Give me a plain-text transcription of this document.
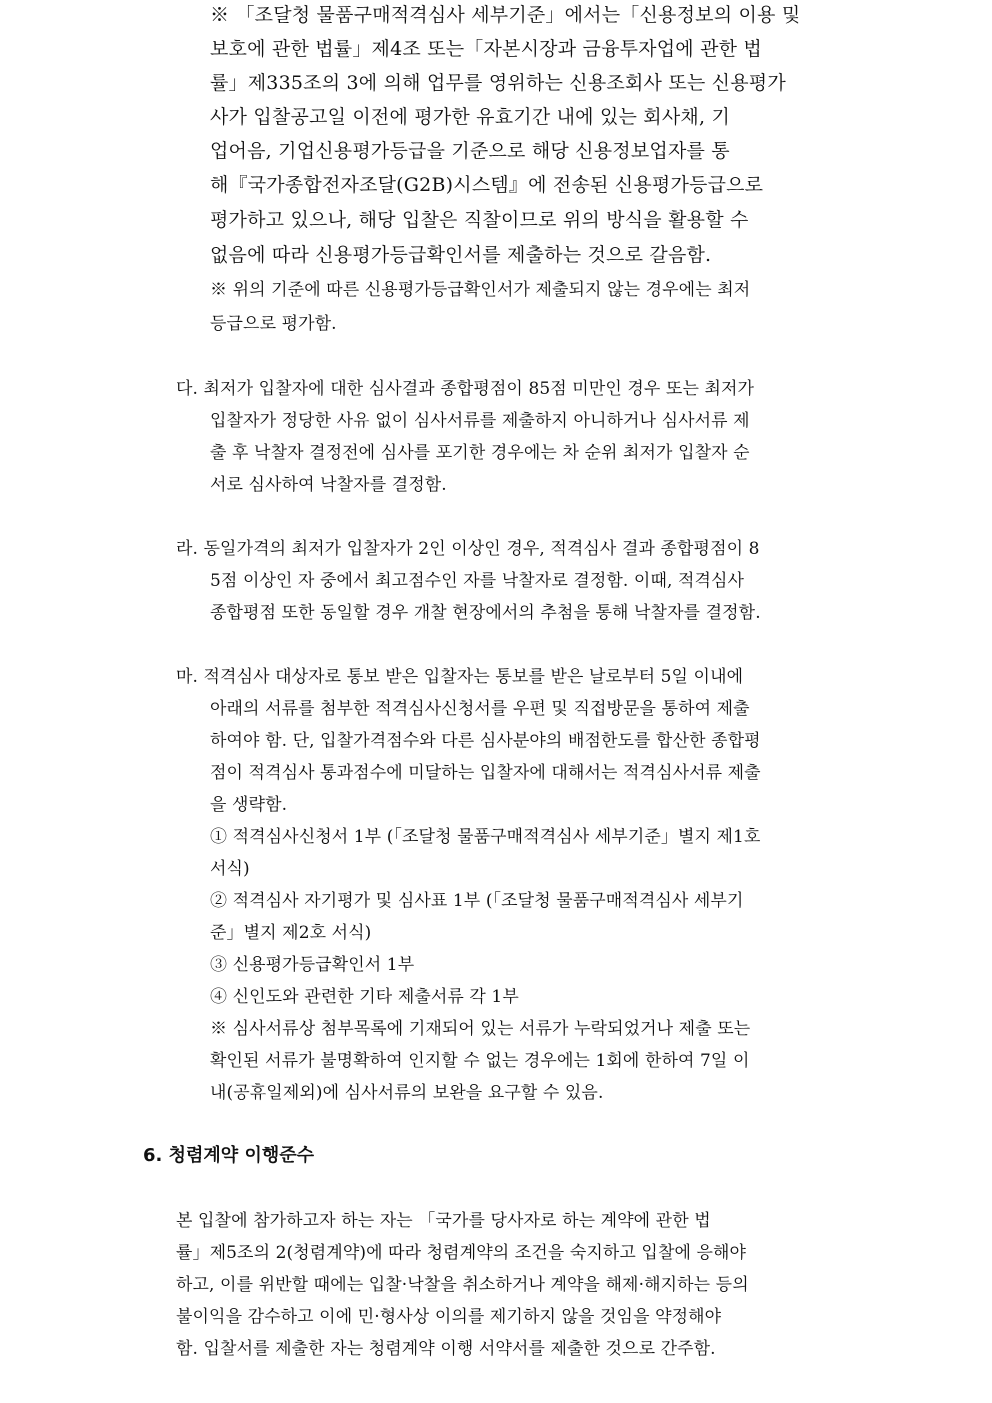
※ 「조달청 물품구매적격심사 세부기준」에서는「신용정보의 이용 및
보호에 관한 법률」제4조 또는「자본시장과 금융투자업에 관한 법
률」제335조의 3에 의해 업무를 영위하는 신용조회사 또는 신용평가
사가 입찰공고일 이전에 평가한 유효기간 내에 있는 회사채, 기
업어음, 기업신용평가등급을 기준으로 해당 신용정보업자를 통
해『국가종합전자조달(G2B)시스템』에 전송된 신용평가등급으로
평가하고 있으나, 해당 입찰은 직찰이므로 위의 방식을 활용할 수
없음에 따라 신용평가등급확인서를 제출하는 것으로 갈음함.
※ 위의 기준에 따른 신용평가등급확인서가 제출되지 않는 경우에는 최저
등급으로 평가함.
다. 최저가 입찰자에 대한 심사결과 종합평점이 85점 미만인 경우 또는 최저가
입찰자가 정당한 사유 없이 심사서류를 제출하지 아니하거나 심사서류 제
출 후 낙찰자 결정전에 심사를 포기한 경우에는 차 순위 최저가 입찰자 순
서로 심사하여 낙찰자를 결정함.
라. 동일가격의 최저가 입찰자가 2인 이상인 경우, 적격심사 결과 종합평점이 8
5점 이상인 자 중에서 최고점수인 자를 낙찰자로 결정함. 이때, 적격심사
종합평점 또한 동일할 경우 개찰 현장에서의 추첨을 통해 낙찰자를 결정함.
마. 적격심사 대상자로 통보 받은 입찰자는 통보를 받은 날로부터 5일 이내에
아래의 서류를 첨부한 적격심사신청서를 우편 및 직접방문을 통하여 제출
하여야 함. 단, 입찰가격점수와 다른 심사분야의 배점한도를 합산한 종합평
점이 적격심사 통과점수에 미달하는 입찰자에 대해서는 적격심사서류 제출
을 생략함.
① 적격심사신청서 1부 (「조달청 물품구매적격심사 세부기준」별지 제1호
서식)
② 적격심사 자기평가 및 심사표 1부 (「조달청 물품구매적격심사 세부기
준」별지 제2호 서식)
③ 신용평가등급확인서 1부
④ 신인도와 관련한 기타 제출서류 각 1부
※ 심사서류상 첨부목록에 기재되어 있는 서류가 누락되었거나 제출 또는
확인된 서류가 불명확하여 인지할 수 없는 경우에는 1회에 한하여 7일 이
내(공휴일제외)에 심사서류의 보완을 요구할 수 있음.
6. 청렴계약 이행준수
본 입찰에 참가하고자 하는 자는 「국가를 당사자로 하는 계약에 관한 법
률」제5조의 2(청렴계약)에 따라 청렴계약의 조건을 숙지하고 입찰에 응해야
하고, 이를 위반할 때에는 입찰·낙찰을 취소하거나 계약을 해제·해지하는 등의
불이익을 감수하고 이에 민·형사상 이의를 제기하지 않을 것임을 약정해야
함. 입찰서를 제출한 자는 청렴계약 이행 서약서를 제출한 것으로 간주함.
